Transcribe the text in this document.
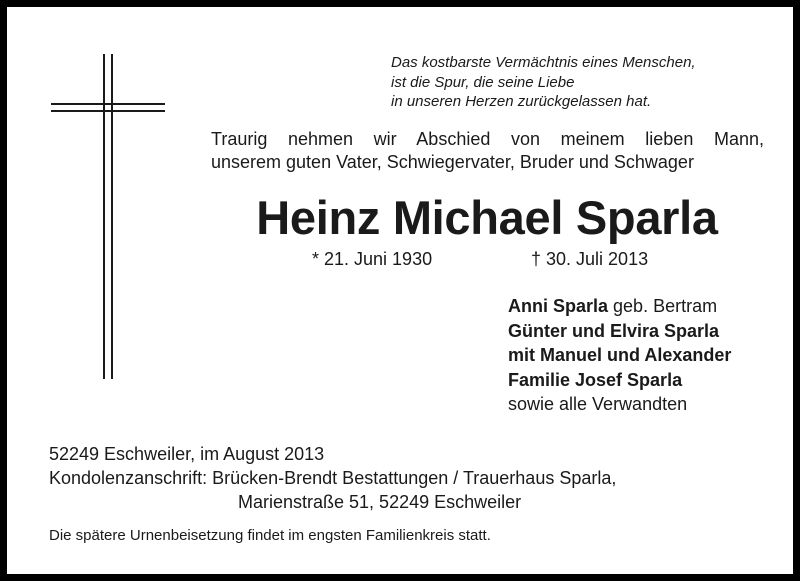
Das kostbarste Vermächtnis eines Menschen,
ist die Spur, die seine Liebe
in unseren Herzen zurückgelassen hat.
Traurig nehmen wir Abschied von meinem lieben Mann,
unserem guten Vater, Schwiegervater, Bruder und Schwager
Heinz Michael Sparla
* 21. Juni 1930	† 30. Juli 2013
Anni Sparla geb. Bertram
Günter und Elvira Sparla
mit Manuel und Alexander
Familie Josef Sparla
sowie alle Verwandten
52249 Eschweiler, im August 2013
Kondolenzanschrift: Brücken-Brendt Bestattungen / Trauerhaus Sparla,
Marienstraße 51, 52249 Eschweiler
Die spätere Urnenbeisetzung findet im engsten Familienkreis statt.
